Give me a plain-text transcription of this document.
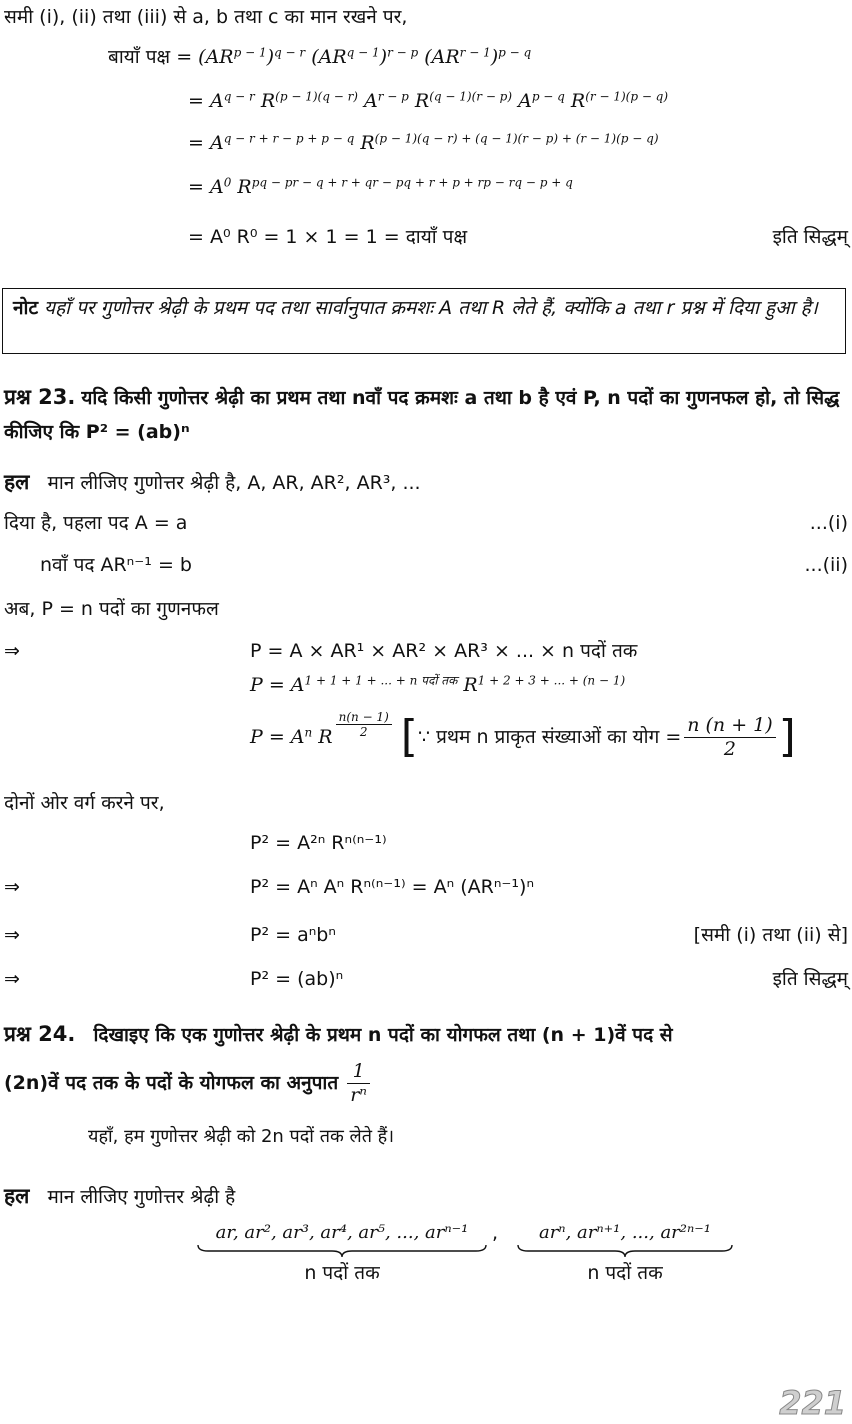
समी (i), (ii) तथा (iii) से a, b तथा c का मान रखने पर,
बायाँ पक्ष = $(AR^{p - 1})^{q - r}$ $(AR^{q - 1})^{r - p}$ $(AR^{r - 1})^{p - q}$
= $A^{q - r}$ $R^{(p - 1)(q - r)}$ $A^{r - p}$ $R^{(q - 1)(r - p)}$ $A^{p - q}$ $R^{(r - 1)(p - q)}$
= $A^{q - r + r - p + p - q}$ $R^{(p - 1)(q - r) + (q - 1)(r - p) + (r - 1)(p - q)}$
= $A^0$ $R^{pq - pr - q + r + qr - pq + r + p + rp - rq - p + q}$
= A⁰ R⁰ = 1 × 1 = 1 = दायाँ पक्ष	इति सिद्धम्
नोट यहाँ पर गुणोत्तर श्रेढ़ी के प्रथम पद तथा सार्वानुपात क्रमशः A तथा R लेते हैं, क्योंकि a तथा r प्रश्न में दिया हुआ है।
प्रश्न 23. यदि किसी गुणोत्तर श्रेढ़ी का प्रथम तथा nवाँ पद क्रमशः a तथा b है एवं P, n पदों का गुणनफल हो, तो सिद्ध कीजिए कि P² = (ab)ⁿ
हल मान लीजिए गुणोत्तर श्रेढ़ी है, A, AR, AR², AR³, ...
दिया है, पहला पद A = a	...(i)
nवाँ पद ARⁿ⁻¹ = b	...(ii)
अब, P = n पदों का गुणनफल
⇒	P = A × AR¹ × AR² × AR³ × ... × n पदों तक
$P = A^{1 + 1 + 1 + ... + n पदों तक}$ $R^{1 + 2 + 3 + ... + (n - 1)}$
$P = A^n$ R $\frac{n(n - 1)}{2}$ [∵ प्रथम n प्राकृत संख्याओं का योग = $\frac{n (n + 1)}{2}$ ]
दोनों ओर वर्ग करने पर,
P² = A²ⁿ Rⁿ⁽ⁿ⁻¹⁾
⇒	P² = Aⁿ Aⁿ Rⁿ⁽ⁿ⁻¹⁾ = Aⁿ (ARⁿ⁻¹)ⁿ
⇒	P² = aⁿbⁿ	[समी (i) तथा (ii) से]
⇒	P² = (ab)ⁿ	इति सिद्धम्
प्रश्न 24. दिखाइए कि एक गुणोत्तर श्रेढ़ी के प्रथम n पदों का योगफल तथा (n + 1)वें पद से
(2n)वें पद तक के पदों के योगफल का अनुपात $\frac{1}{\text{rⁿ}}$
यहाँ, हम गुणोत्तर श्रेढ़ी को 2n पदों तक लेते हैं।
हल मान लीजिए गुणोत्तर श्रेढ़ी है
ar, ar², ar³, ar⁴, ar⁵, ..., arⁿ⁻¹
n पदों तक
,	arⁿ, arⁿ⁺¹, ..., ar²ⁿ⁻¹
n पदों तक
221
